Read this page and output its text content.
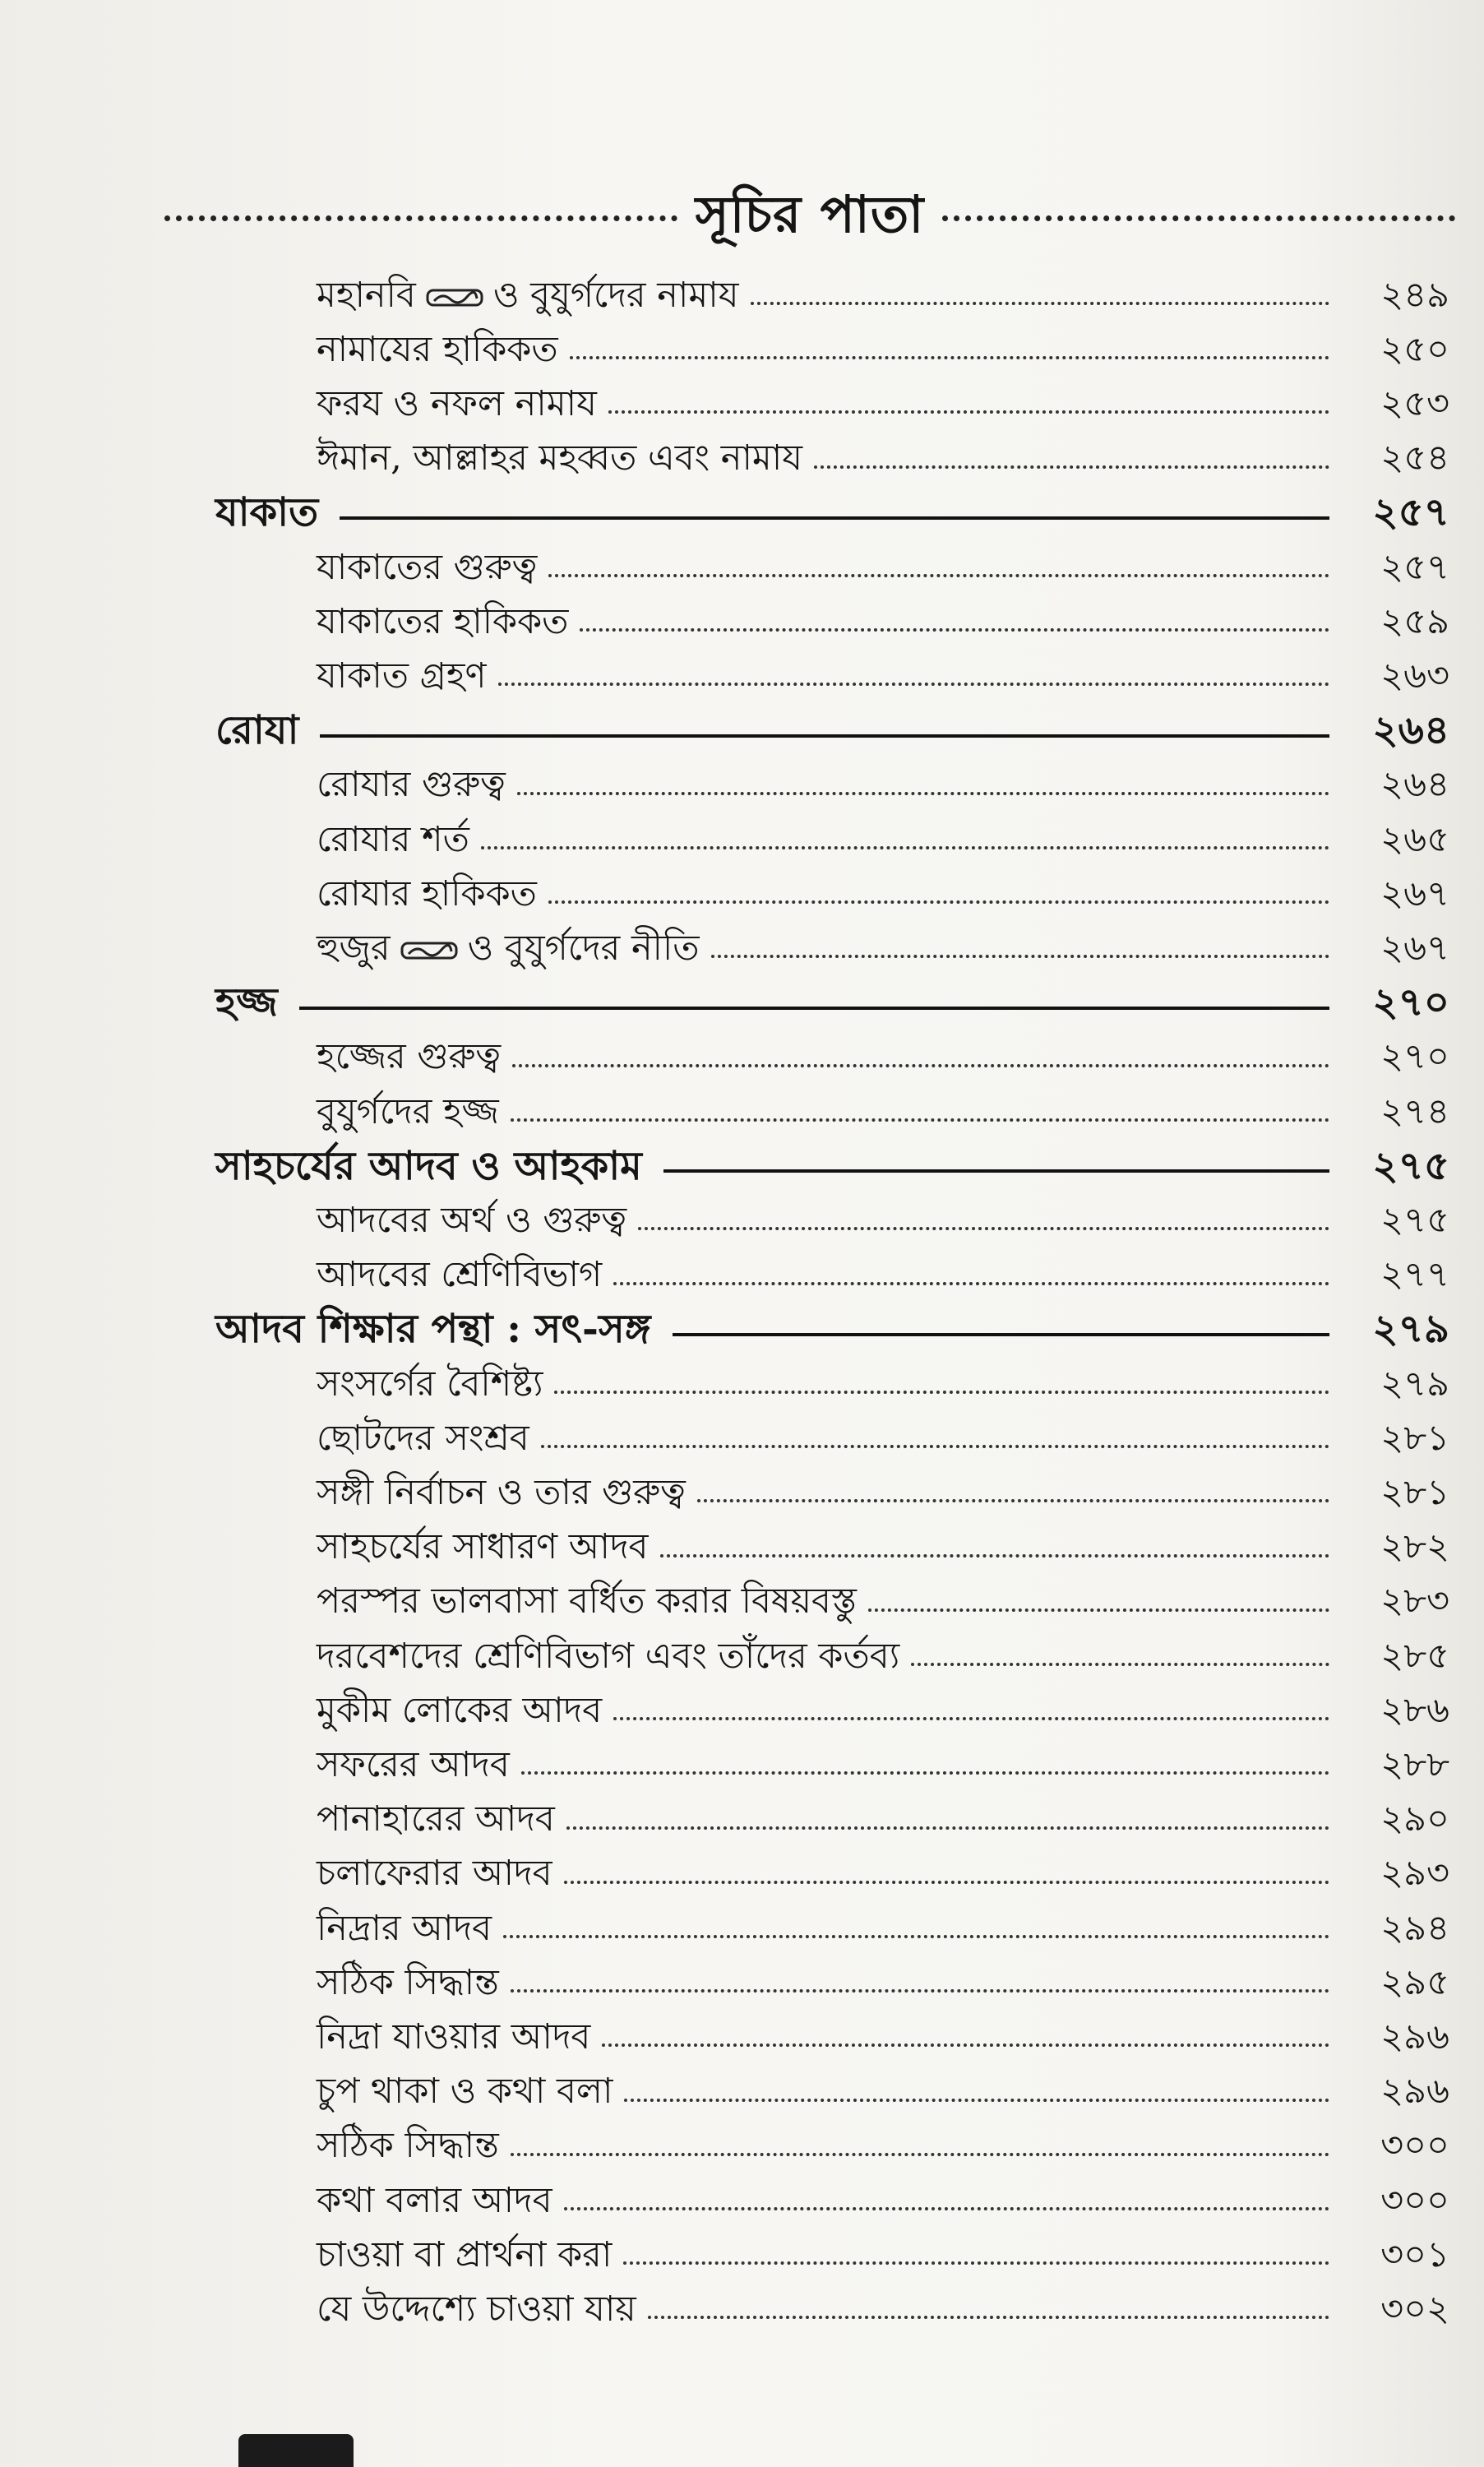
সূচির পাতা
মহানবি ও বুযুর্গদের নামায	২৪৯
নামাযের হাকিকত	২৫০
ফরয ও নফল নামায	২৫৩
ঈমান, আল্লাহর মহব্বত এবং নামায	২৫৪
যাকাত	২৫৭
যাকাতের গুরুত্ব	২৫৭
যাকাতের হাকিকত	২৫৯
যাকাত গ্রহণ	২৬৩
রোযা	২৬৪
রোযার গুরুত্ব	২৬৪
রোযার শর্ত	২৬৫
রোযার হাকিকত	২৬৭
হুজুর ও বুযুর্গদের নীতি	২৬৭
হজ্জ	২৭০
হজ্জের গুরুত্ব	২৭০
বুযুর্গদের হজ্জ	২৭৪
সাহচর্যের আদব ও আহকাম	২৭৫
আদবের অর্থ ও গুরুত্ব	২৭৫
আদবের শ্রেণিবিভাগ	২৭৭
আদব শিক্ষার পন্থা : সৎ-সঙ্গ	২৭৯
সংসর্গের বৈশিষ্ট্য	২৭৯
ছোটদের সংশ্রব	২৮১
সঙ্গী নির্বাচন ও তার গুরুত্ব	২৮১
সাহচর্যের সাধারণ আদব	২৮২
পরস্পর ভালবাসা বর্ধিত করার বিষয়বস্তু	২৮৩
দরবেশদের শ্রেণিবিভাগ এবং তাঁদের কর্তব্য	২৮৫
মুকীম লোকের আদব	২৮৬
সফরের আদব	২৮৮
পানাহারের আদব	২৯০
চলাফেরার আদব	২৯৩
নিদ্রার আদব	২৯৪
সঠিক সিদ্ধান্ত	২৯৫
নিদ্রা যাওয়ার আদব	২৯৬
চুপ থাকা ও কথা বলা	২৯৬
সঠিক সিদ্ধান্ত	৩০০
কথা বলার আদব	৩০০
চাওয়া বা প্রার্থনা করা	৩০১
যে উদ্দেশ্যে চাওয়া যায়	৩০২
